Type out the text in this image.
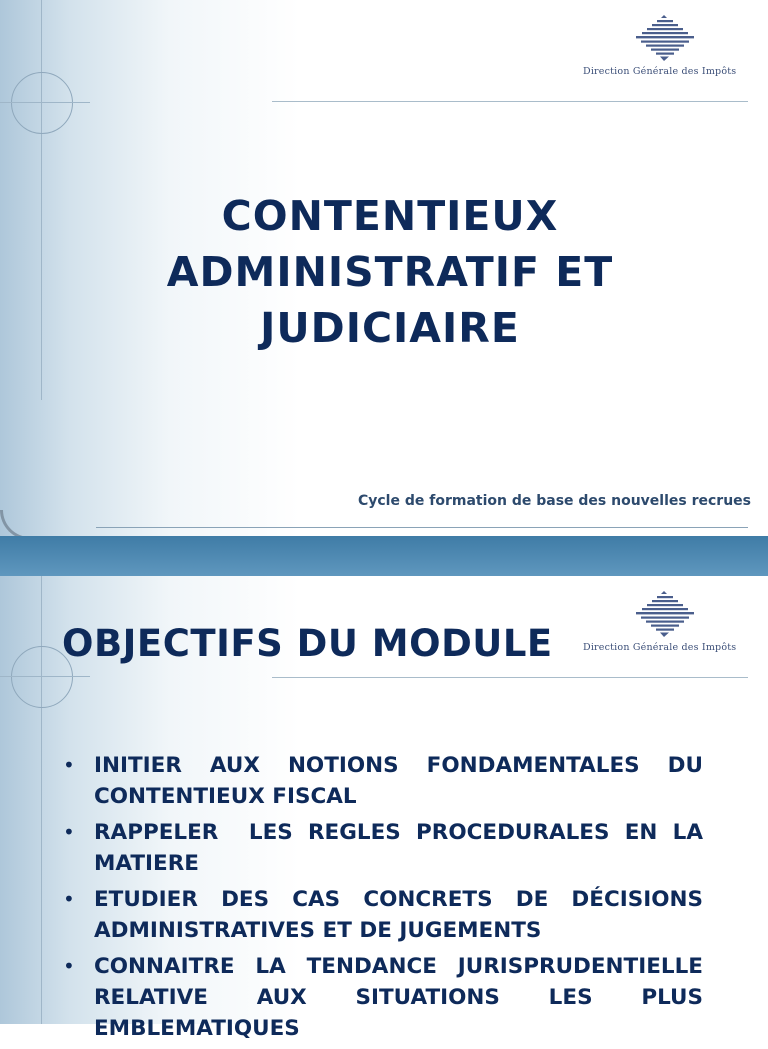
Direction Générale des Impôts
CONTENTIEUX
ADMINISTRATIF ET
JUDICIAIRE
Cycle de formation de base des nouvelles recrues
Direction Générale des Impôts
OBJECTIFS DU MODULE
• INITIER AUX NOTIONS FONDAMENTALES DU CONTENTIEUX FISCAL
• RAPPELER  LES REGLES PROCEDURALES EN LA MATIERE
• ETUDIER DES CAS CONCRETS DE DÉCISIONS ADMINISTRATIVES ET DE JUGEMENTS
• CONNAITRE LA TENDANCE JURISPRUDENTIELLE RELATIVE AUX SITUATIONS LES PLUS EMBLEMATIQUES
